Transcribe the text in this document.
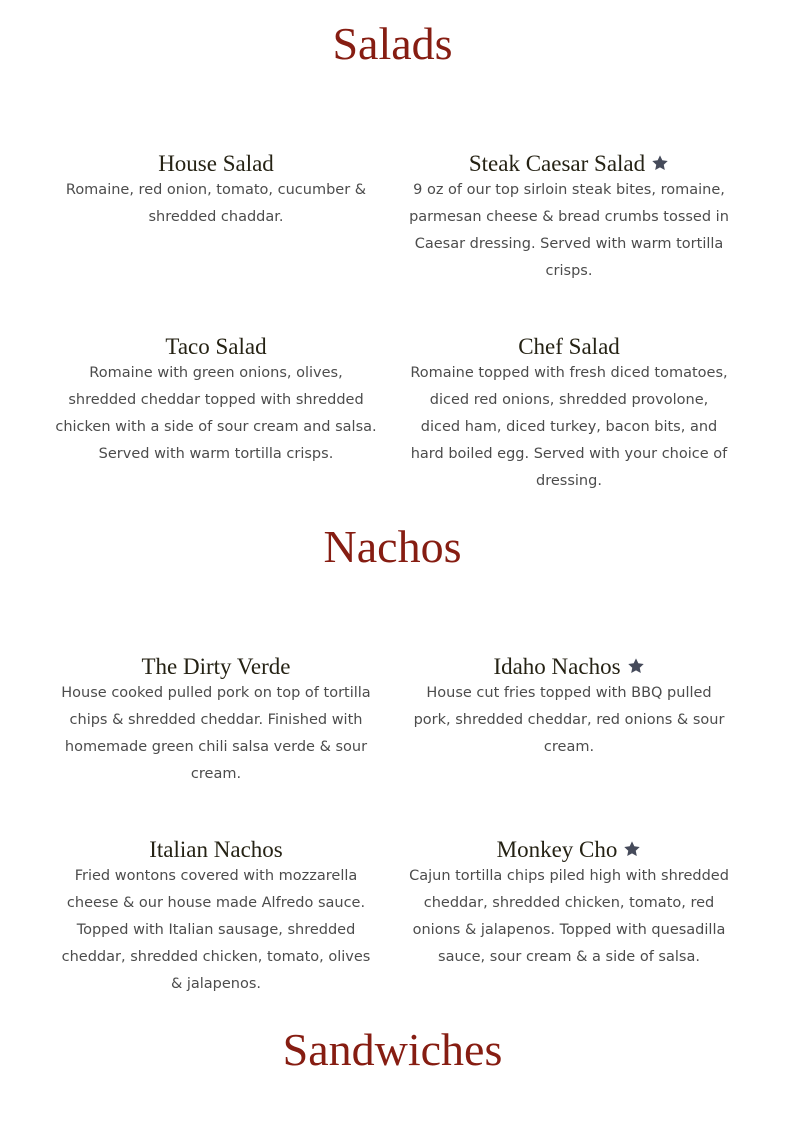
Salads
House Salad

Romaine, red onion, tomato, cucumber & shredded chaddar.

Steak Caesar Salad

9 oz of our top sirloin steak bites, romaine, parmesan cheese & bread crumbs tossed in Caesar dressing. Served with warm tortilla crisps.

Taco Salad

Romaine with green onions, olives, shredded cheddar topped with shredded chicken with a side of sour cream and salsa. Served with warm tortilla crisps.

Chef Salad

Romaine topped with fresh diced tomatoes, diced red onions, shredded provolone, diced ham, diced turkey, bacon bits, and hard boiled egg. Served with your choice of dressing.

Nachos
The Dirty Verde

House cooked pulled pork on top of tortilla chips & shredded cheddar. Finished with homemade green chili salsa verde & sour cream.

Idaho Nachos

House cut fries topped with BBQ pulled pork, shredded cheddar, red onions & sour cream.

Italian Nachos

Fried wontons covered with mozzarella cheese & our house made Alfredo sauce. Topped with Italian sausage, shredded cheddar, shredded chicken, tomato, olives & jalapenos.

Monkey Cho

Cajun tortilla chips piled high with shredded cheddar, shredded chicken, tomato, red onions & jalapenos. Topped with quesadilla sauce, sour cream & a side of salsa.

Sandwiches
